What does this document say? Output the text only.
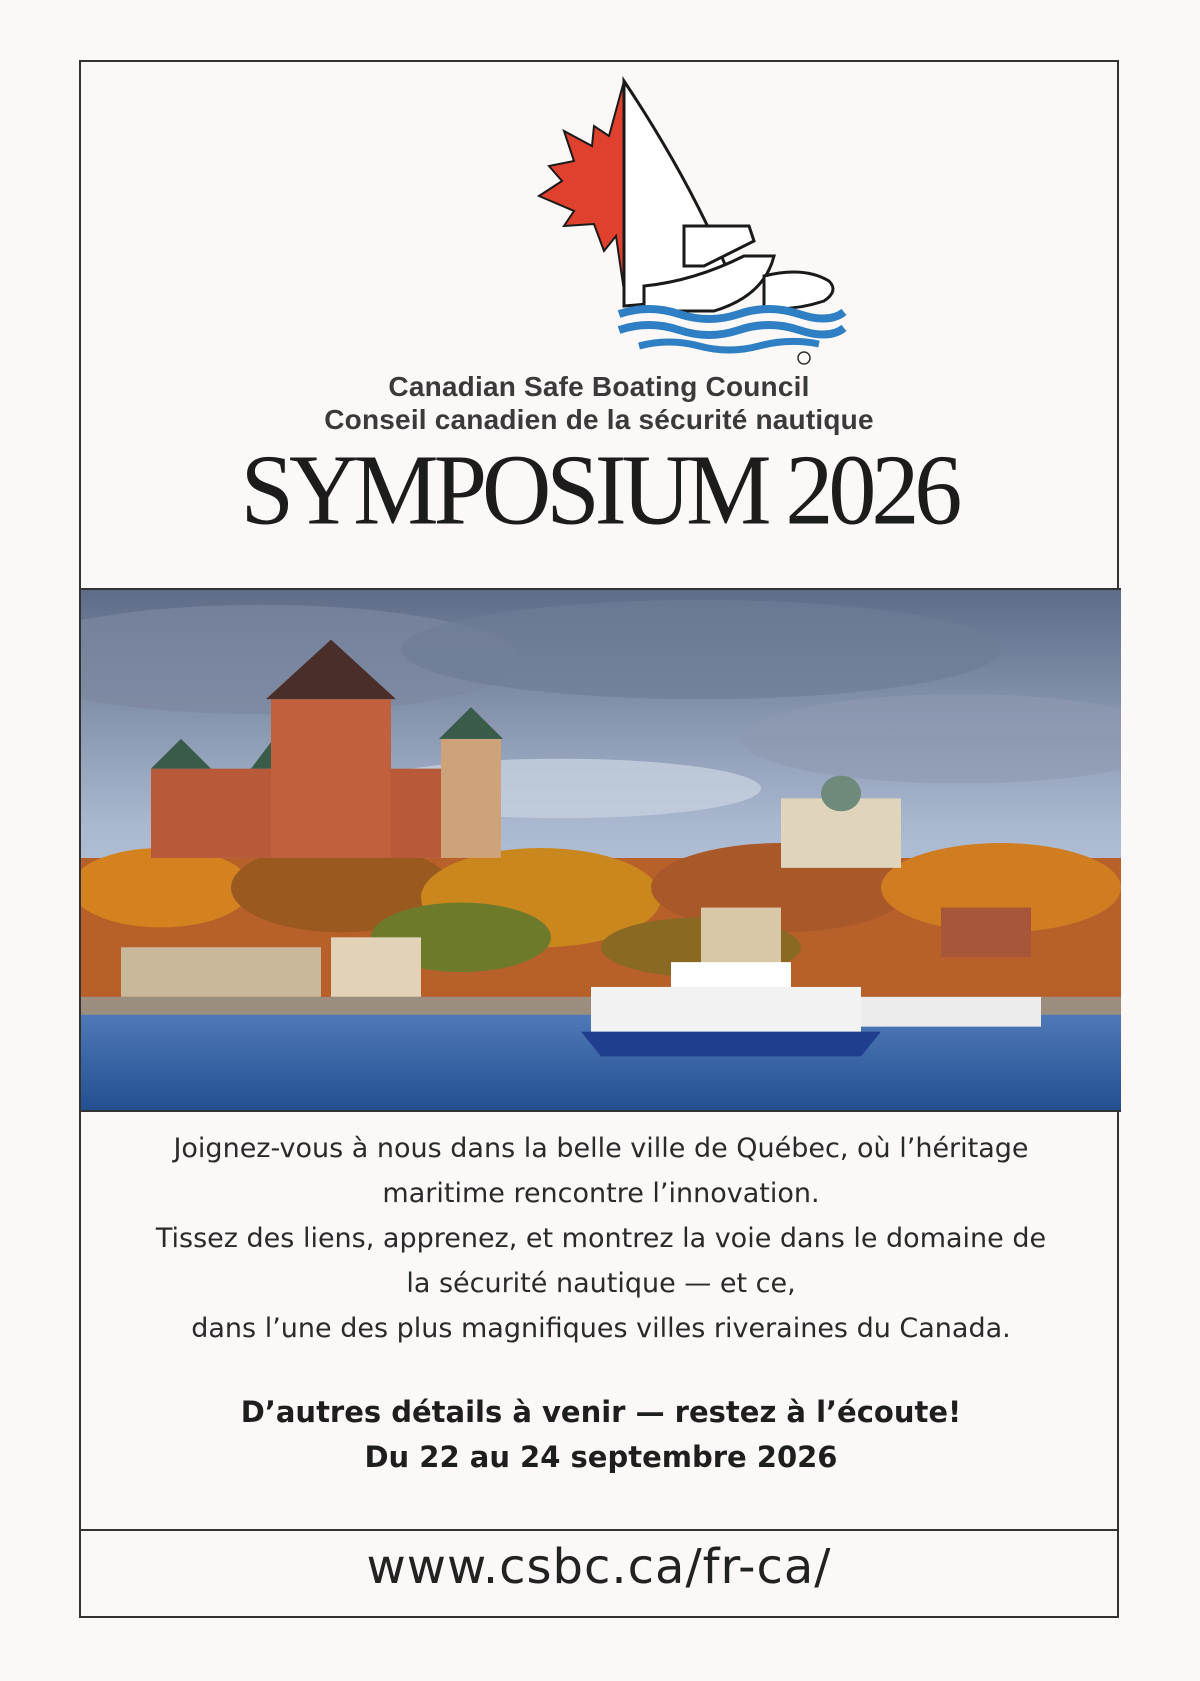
Canadian Safe Boating Council
Conseil canadien de la sécurité nautique
SYMPOSIUM 2026

Joignez-vous à nous dans la belle ville de Québec, où l’héritage

maritime rencontre l’innovation.

Tissez des liens, apprenez, et montrez la voie dans le domaine de

la sécurité nautique — et ce,

dans l’une des plus magnifiques villes riveraines du Canada.

D’autres détails à venir — restez à l’écoute!

Du 22 au 24 septembre 2026

www.csbc.ca/fr-ca/
